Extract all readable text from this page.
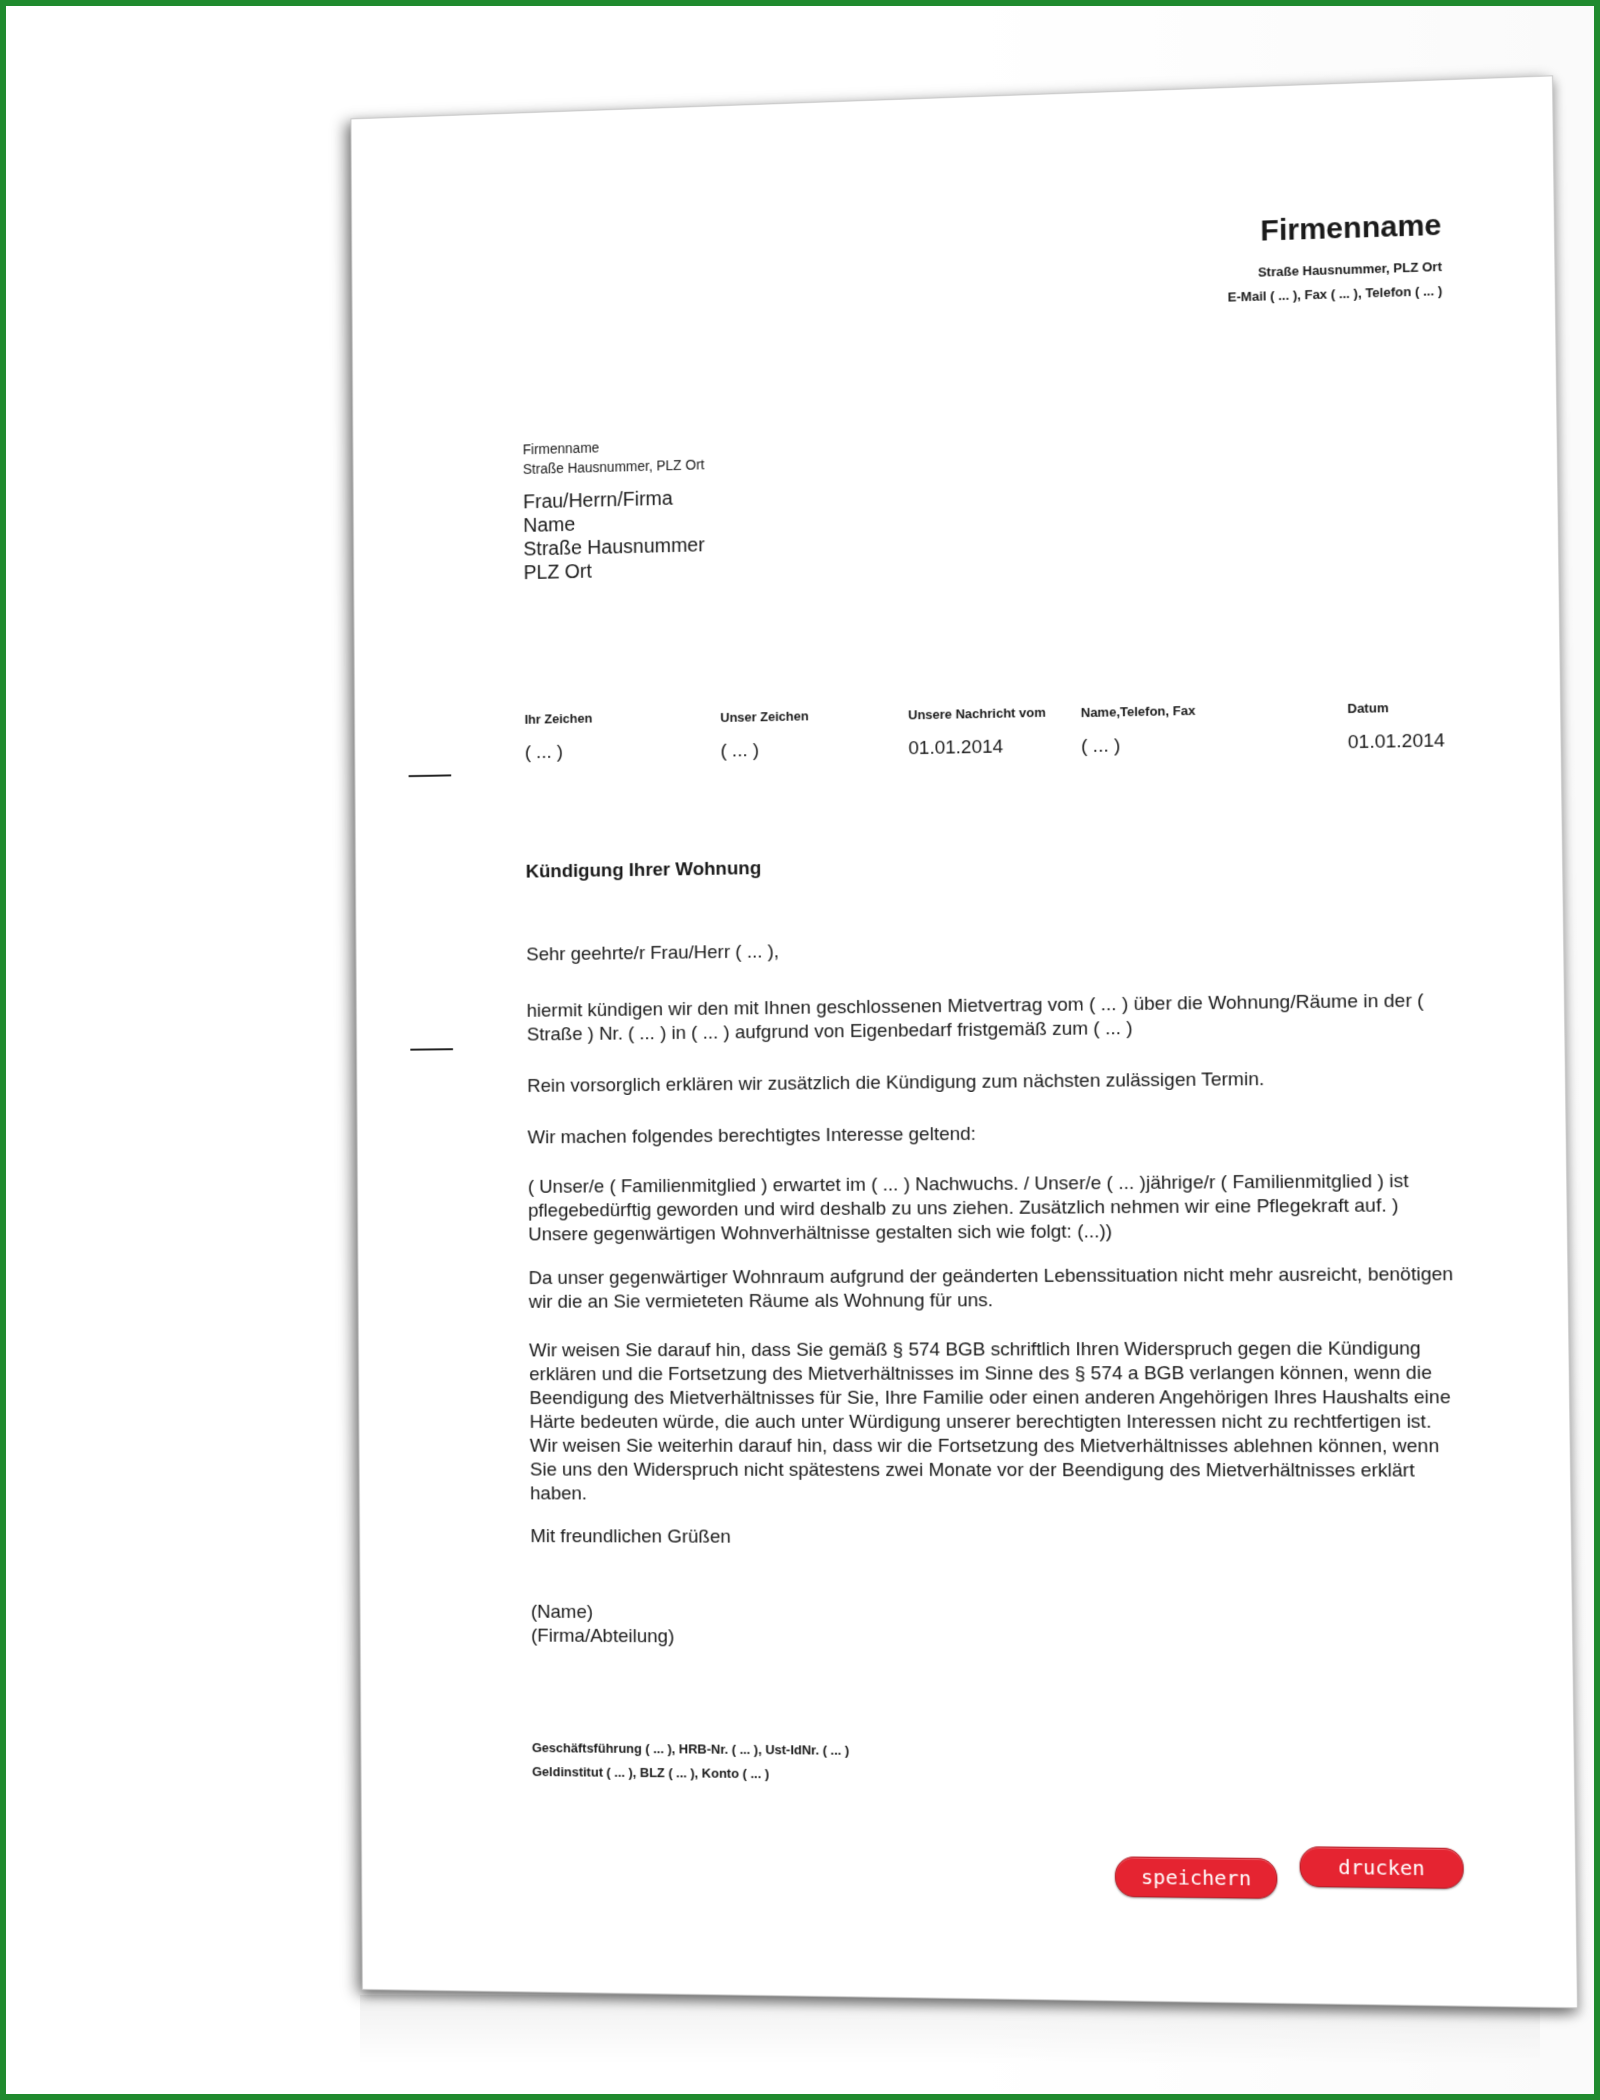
Firmenname
Straße Hausnummer, PLZ Ort
E-Mail ( ... ), Fax ( ... ), Telefon ( ... )
Firmenname
Straße Hausnummer, PLZ Ort
Frau/Herrn/Firma
Name
Straße Hausnummer
PLZ Ort
Ihr Zeichen
( ... )
Unser Zeichen
( ... )
Unsere Nachricht vom
01.01.2014
Name,Telefon, Fax
( ... )
Datum
01.01.2014
Kündigung Ihrer Wohnung
Sehr geehrte/r Frau/Herr ( ... ),
hiermit kündigen wir den mit Ihnen geschlossenen Mietvertrag vom ( ... ) über die Wohnung/Räume in der ( Straße ) Nr. ( ... ) in ( ... ) aufgrund von Eigenbedarf fristgemäß zum ( ... )
Rein vorsorglich erklären wir zusätzlich die Kündigung zum nächsten zulässigen Termin.
Wir machen folgendes berechtigtes Interesse geltend:
( Unser/e ( Familienmitglied ) erwartet im ( ... ) Nachwuchs. / Unser/e ( ... )jährige/r ( Familienmitglied ) ist pflegebedürftig geworden und wird deshalb zu uns ziehen. Zusätzlich nehmen wir eine Pflegekraft auf. ) Unsere gegenwärtigen Wohnverhältnisse gestalten sich wie folgt: (...))
Da unser gegenwärtiger Wohnraum aufgrund der geänderten Lebenssituation nicht mehr ausreicht, benötigen wir die an Sie vermieteten Räume als Wohnung für uns.
Wir weisen Sie darauf hin, dass Sie gemäß § 574 BGB schriftlich Ihren Widerspruch gegen die Kündigung erklären und die Fortsetzung des Mietverhältnisses im Sinne des § 574 a BGB verlangen können, wenn die Beendigung des Mietverhältnisses für Sie, Ihre Familie oder einen anderen Angehörigen Ihres Haushalts eine Härte bedeuten würde, die auch unter Würdigung unserer berechtigten Interessen nicht zu rechtfertigen ist. Wir weisen Sie weiterhin darauf hin, dass wir die Fortsetzung des Mietverhältnisses ablehnen können, wenn Sie uns den Widerspruch nicht spätestens zwei Monate vor der Beendigung des Mietverhältnisses erklärt haben.
Mit freundlichen Grüßen
(Name)
(Firma/Abteilung)
Geschäftsführung ( ... ), HRB-Nr. ( ... ), Ust-IdNr. ( ... )
Geldinstitut ( ... ), BLZ ( ... ), Konto ( ... )
speichern	drucken
